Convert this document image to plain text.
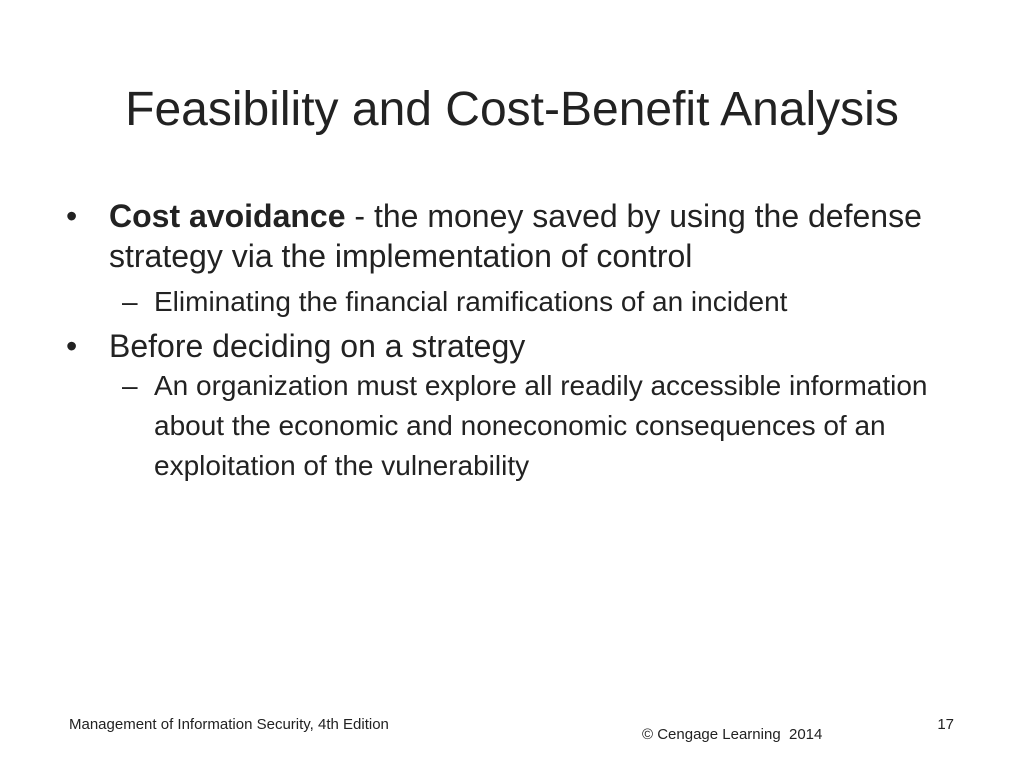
Feasibility and Cost-Benefit Analysis
• Cost avoidance - the money saved by using the defense strategy via the implementation of control
– Eliminating the financial ramifications of an incident
• Before deciding on a strategy
– An organization must explore all readily accessible information about the economic and noneconomic consequences of an exploitation of the vulnerability
Management of Information Security, 4th Edition
© Cengage Learning  2014
17
